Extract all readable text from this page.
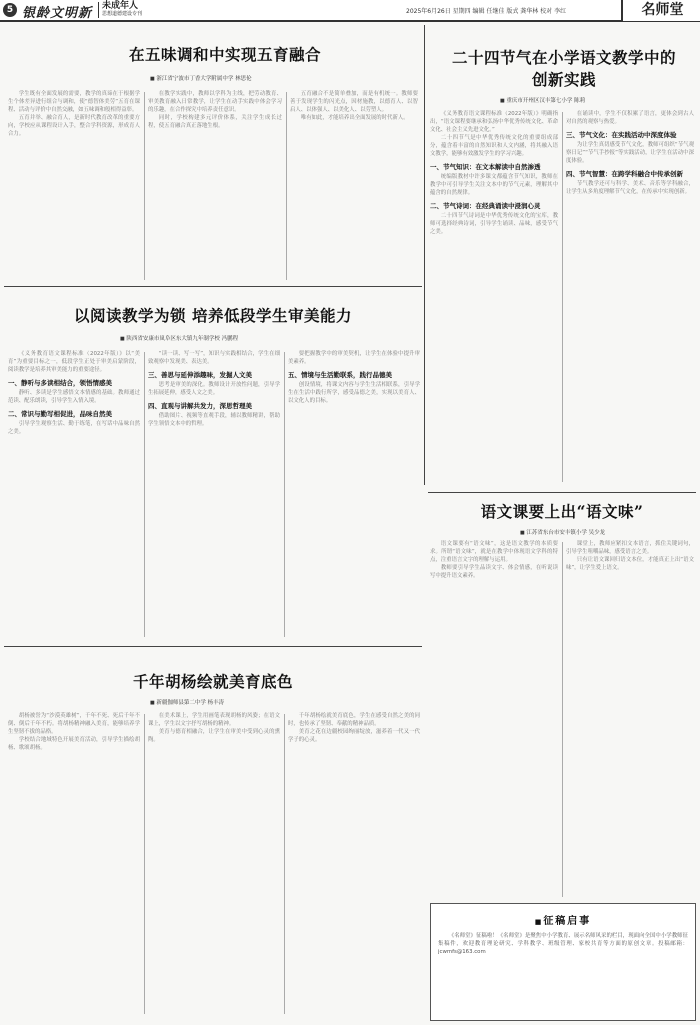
5 银龄文明新	未成年人
思想道德建设专刊	2025年6月26日 星期四 编辑 任继佳 版式 龚华林 校对 李红	名师堂
在五味调和中实现五育融合
■ 浙江省宁波市丁香大学附属中学 林思伦

学生既有全面发展的需要，教学的真谛在于根据学生个体差异进行组合与调和，使“德智体美劳”五育在课程、活动与评价中自然交融，如五味调和般相得益彰。

五育并举、融合育人，是新时代教育改革的重要方向，学校应从课程设计入手，整合学科资源，形成育人合力。

在教学实践中，教师以学科为主线，把劳动教育、审美教育融入日常教学，让学生在动手实践中体会学习的乐趣，在合作探究中培养责任意识。

同时，学校构建多元评价体系，关注学生成长过程，使五育融合真正落地生根。

五育融合不是简单叠加，而是有机统一。教师要善于发现学生的闪光点，因材施教，以德育人、以智启人、以体强人、以美化人、以劳塑人。

唯有如此，才能培养出全面发展的时代新人。

二十四节气在小学语文教学中的
创新实践
■ 重庆市开州区汉丰第七小学 陈莉

《义务教育语文课程标准（2022年版）》明确指出，“语文课程要继承和弘扬中华优秀传统文化、革命文化、社会主义先进文化。”

二十四节气是中华优秀传统文化的重要组成部分，蕴含着丰富的自然知识和人文内涵，将其融入语文教学，能够有效激发学生的学习兴趣。

一、节气知识：在文本解读中自然渗透

统编版教材中许多课文都蕴含节气知识，教师在教学中可引导学生关注文本中的节气元素，理解其中蕴含的自然规律。

二、节气诗词：在经典诵读中浸润心灵

二十四节气诗词是中华优秀传统文化的宝库，教师可选择经典诗词，引导学生诵读、品味，感受节气之美。

在诵读中，学生不仅积累了语言，更体会到古人对自然的观察与热爱。

三、节气文化：在实践活动中深度体验

为让学生真切感受节气文化，教师可组织“节气观察日记”“节气手抄报”等实践活动，让学生在活动中深度体验。

四、节气智慧：在跨学科融合中传承创新

节气教学还可与科学、美术、音乐等学科融合，让学生从多角度理解节气文化，在传承中实现创新。

以阅读教学为锁 培养低段学生审美能力
■ 陕西省安康市岚阜区东大镇九年制学校 冯鹏程

《义务教育语文课程标准（2022年版）》以“美育”为重要目标之一，低段学生正处于审美启蒙阶段，阅读教学是培养其审美能力的重要途径。

一、静听与多读相结合，领悟情感美

静听、多读是学生感悟文本情感的基础。教师通过范读、配乐朗读，引导学生入情入境。

二、常识与勤写相促进，品味自然美

引导学生观察生活、勤于练笔，在写话中品味自然之美。

“读一读、写一写”，知识与实践相结合，学生在细致观察中发现美、表达美。

三、善思与延伸添趣味，发掘人文美

思考是审美的深化。教师设计开放性问题，引导学生拓展延伸，感受人文之美。

四、直观与讲解共发力，深思哲理美

借助图片、视频等直观手段，辅以教师精讲，帮助学生领悟文本中的哲理。

要把握教学中的审美契机，让学生在体验中提升审美素养。

五、情境与生活勤联系，践行品德美

创设情境，将课文内容与学生生活相联系，引导学生在生活中践行所学，感受品德之美，实现以美育人、以文化人的目标。

语文课要上出“语文味”
■ 江苏省东台市安丰镇小学 吴少龙

语文课要有“语文味”，这是语文教学的本质要求。所谓“语文味”，就是在教学中体现语文学科的特点，注重语言文字的理解与运用。

教师要引导学生品读文字、体会情感，在听说读写中提升语文素养。

课堂上，教师应紧扣文本语言，抓住关键词句，引导学生咀嚼品味，感受语言之美。

只有让语文课回归语文本位，才能真正上出“语文味”，让学生爱上语文。

千年胡杨绘就美育底色
■ 新疆伽师县第二中学 杨丰涛

胡杨被誉为“沙漠英雄树”，千年不死、死后千年不倒、倒后千年不朽。将胡杨精神融入美育，能够培养学生坚韧不拔的品格。

学校结合地域特色开展美育活动，引导学生描绘胡杨、歌颂胡杨。

在美术课上，学生用画笔表现胡杨的风姿；在语文课上，学生以文字抒写胡杨的精神。

美育与德育相融合，让学生在审美中受到心灵的熏陶。

千年胡杨绘就美育底色，学生在感受自然之美的同时，也传承了坚韧、奉献的精神品质。

美育之花在边疆校园绚丽绽放，滋养着一代又一代学子的心灵。

■ 征稿启事

《名师堂》征稿啦！《名师堂》是聚焦中小学教育、展示名师风采的栏目，现面向全国中小学教师征集稿件，欢迎教育理论研究、学科教学、班级管理、家校共育等方面的原创文章。投稿邮箱：jcwmfs@163.com
